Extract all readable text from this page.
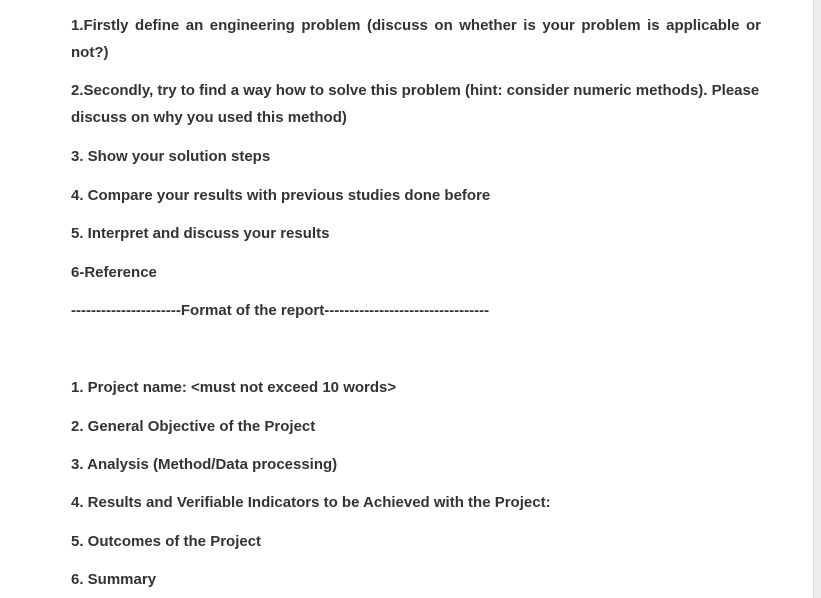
1.Firstly define an engineering problem (discuss on whether is your problem is applicable or not?)

2.Secondly, try to find a way how to solve this problem (hint: consider numeric methods). Please discuss on why you used this method)

3. Show your solution steps

4. Compare your results with previous studies done before

5. Interpret and discuss your results

6-Reference

----------------------Format of the report---------------------------------

1. Project name: <must not exceed 10 words>

2. General Objective of the Project

3. Analysis (Method/Data processing)

4. Results and Verifiable Indicators to be Achieved with the Project:

5. Outcomes of the Project

6. Summary
